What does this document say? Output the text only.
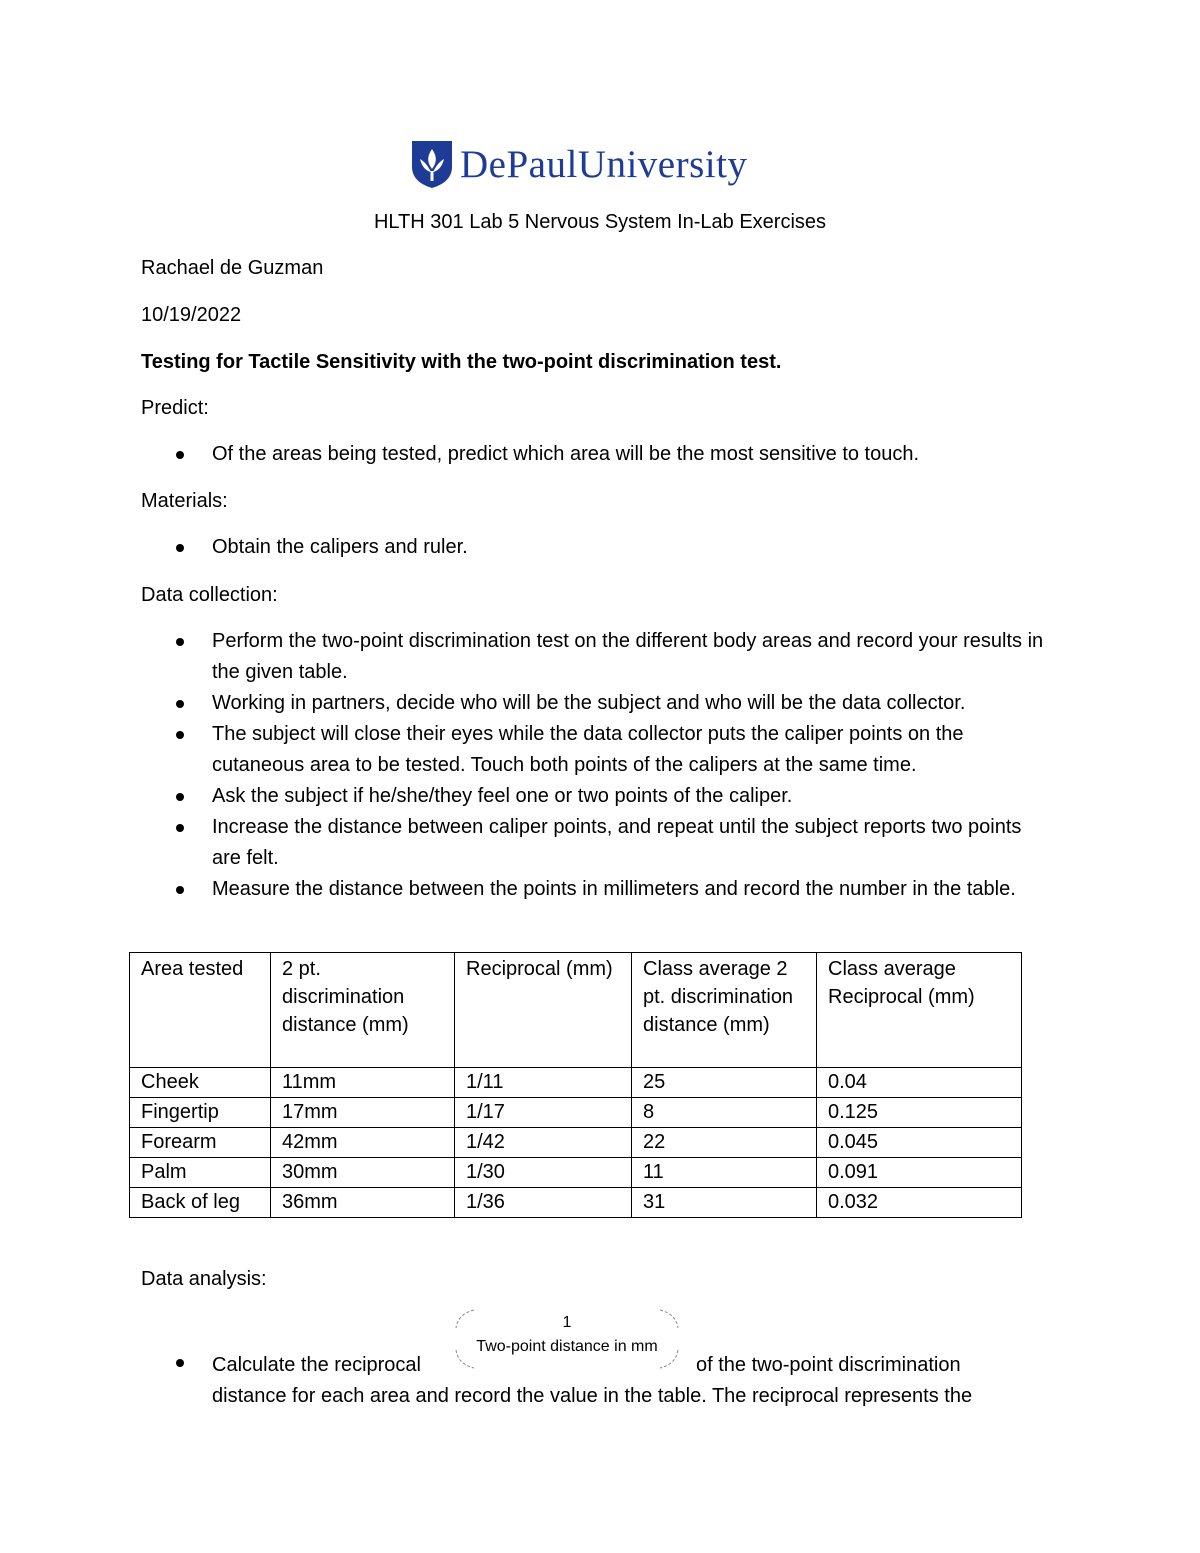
DePaulUniversity
HLTH 301 Lab 5 Nervous System In-Lab Exercises
Rachael de Guzman
10/19/2022
Testing for Tactile Sensitivity with the two-point discrimination test.
Predict:
Of the areas being tested, predict which area will be the most sensitive to touch.
Materials:
Obtain the calipers and ruler.
Data collection:
Perform the two-point discrimination test on the different body areas and record your results in the given table.
Working in partners, decide who will be the subject and who will be the data collector.
The subject will close their eyes while the data collector puts the caliper points on the cutaneous area to be tested. Touch both points of the calipers at the same time.
Ask the subject if he/she/they feel one or two points of the caliper.
Increase the distance between caliper points, and repeat until the subject reports two points are felt.
Measure the distance between the points in millimeters and record the number in the table.
Area tested	2 pt. discrimination distance (mm)	Reciprocal (mm)	Class average 2 pt. discrimination distance (mm)	Class average Reciprocal (mm)
Cheek	11mm	1/11	25	0.04
Fingertip	17mm	1/17	8	0.125
Forearm	42mm	1/42	22	0.045
Palm	30mm	1/30	11	0.091
Back of leg	36mm	1/36	31	0.032
Data analysis:
Calculate the reciprocal
1
Two-point distance in mm
of the two-point discrimination
distance for each area and record the value in the table. The reciprocal represents the
